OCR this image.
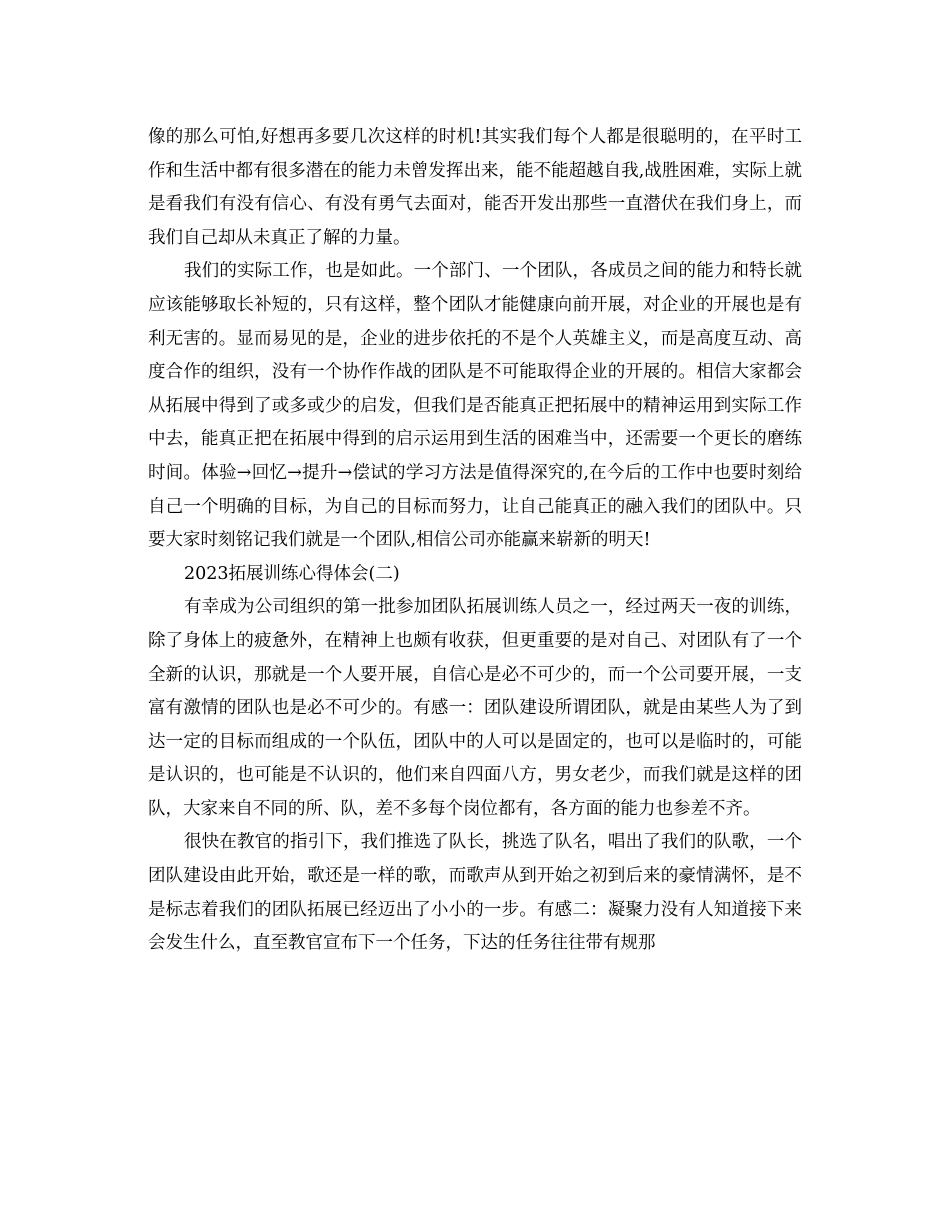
像的那么可怕,好想再多要几次这样的时机!其实我们每个人都是很聪明的，在平时工作和生活中都有很多潜在的能力未曾发挥出来，能不能超越自我,战胜困难，实际上就是看我们有没有信心、有没有勇气去面对，能否开发出那些一直潜伏在我们身上，而我们自己却从未真正了解的力量。

我们的实际工作，也是如此。一个部门、一个团队，各成员之间的能力和特长就应该能够取长补短的，只有这样，整个团队才能健康向前开展，对企业的开展也是有利无害的。显而易见的是，企业的进步依托的不是个人英雄主义，而是高度互动、高度合作的组织，没有一个协作作战的团队是不可能取得企业的开展的。相信大家都会从拓展中得到了或多或少的启发，但我们是否能真正把拓展中的精神运用到实际工作中去，能真正把在拓展中得到的启示运用到生活的困难当中，还需要一个更长的磨练时间。体验→回忆→提升→偿试的学习方法是值得深究的,在今后的工作中也要时刻给自己一个明确的目标，为自己的目标而努力，让自己能真正的融入我们的团队中。只要大家时刻铭记我们就是一个团队,相信公司亦能赢来崭新的明天!

2023拓展训练心得体会(二)

有幸成为公司组织的第一批参加团队拓展训练人员之一，经过两天一夜的训练，除了身体上的疲惫外，在精神上也颇有收获，但更重要的是对自己、对团队有了一个全新的认识，那就是一个人要开展，自信心是必不可少的，而一个公司要开展，一支富有激情的团队也是必不可少的。有感一：团队建设所谓团队，就是由某些人为了到达一定的目标而组成的一个队伍，团队中的人可以是固定的，也可以是临时的，可能是认识的，也可能是不认识的，他们来自四面八方，男女老少，而我们就是这样的团队，大家来自不同的所、队，差不多每个岗位都有，各方面的能力也参差不齐。

很快在教官的指引下，我们推选了队长，挑选了队名，唱出了我们的队歌，一个团队建设由此开始，歌还是一样的歌，而歌声从到开始之初到后来的豪情满怀，是不是标志着我们的团队拓展已经迈出了小小的一步。有感二：凝聚力没有人知道接下来会发生什么，直至教官宣布下一个任务，下达的任务往往带有规那
